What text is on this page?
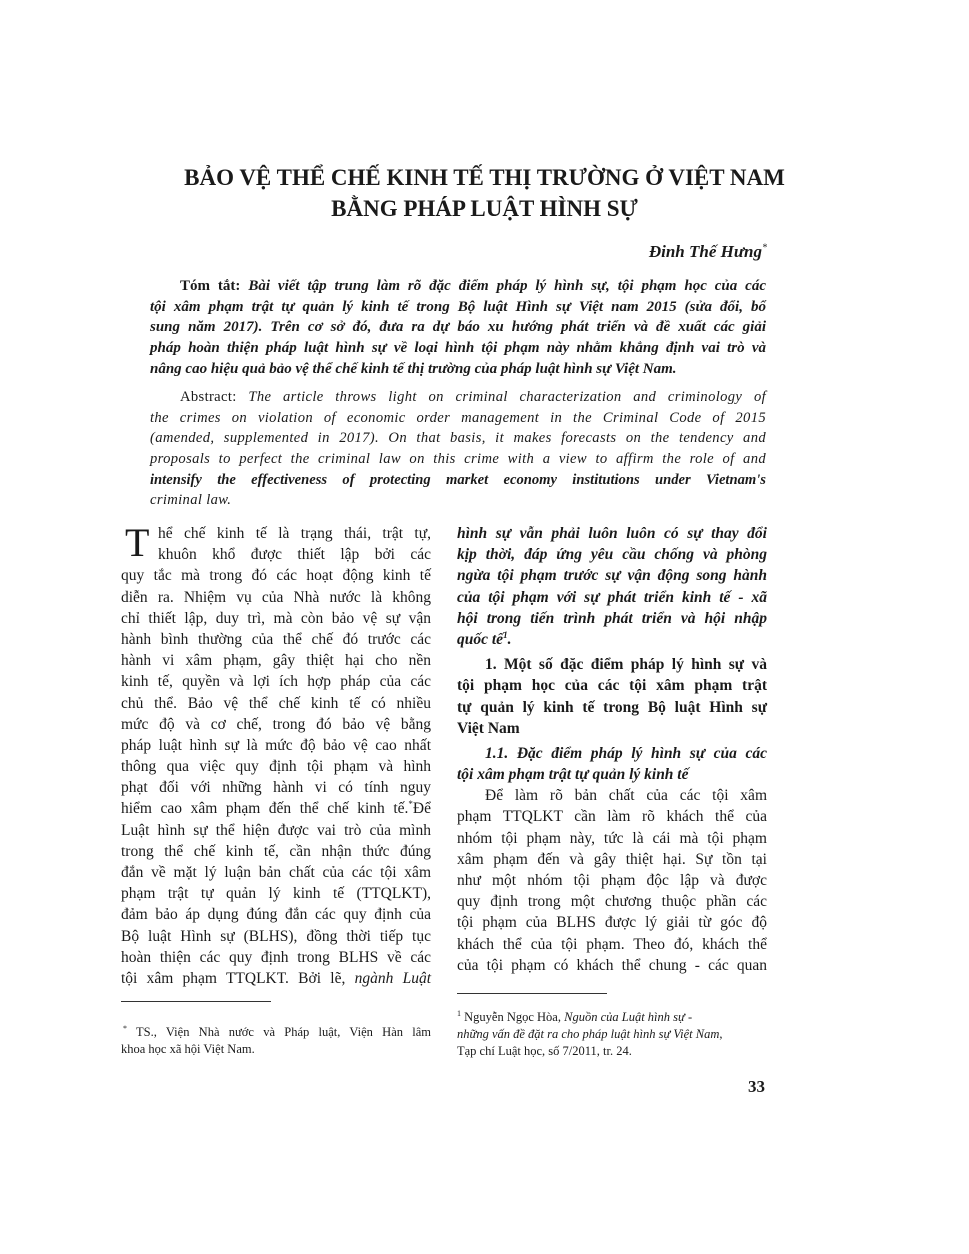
BẢO VỆ THỂ CHẾ KINH TẾ THỊ TRƯỜNG Ở VIỆT NAM
BẰNG PHÁP LUẬT HÌNH SỰ
Đinh Thế Hưng*
Tóm tắt: Bài viết tập trung làm rõ đặc điểm pháp lý hình sự, tội phạm học của các
tội xâm phạm trật tự quản lý kinh tế trong Bộ luật Hình sự Việt nam 2015 (sửa đổi, bổ
sung năm 2017). Trên cơ sở đó, đưa ra dự báo xu hướng phát triển và đề xuất các giải
pháp hoàn thiện pháp luật hình sự về loại hình tội phạm này nhằm khẳng định vai trò và
nâng cao hiệu quả bảo vệ thể chế kinh tế thị trường của pháp luật hình sự Việt Nam.
Abstract: The article throws light on criminal characterization and criminology of
the crimes on violation of economic order management in the Criminal Code of 2015
(amended, supplemented in 2017). On that basis, it makes forecasts on the tendency and
proposals to perfect the criminal law on this crime with a view to affirm the role of and
intensify the effectiveness of protecting market economy institutions under Vietnam's
criminal law.
T hể chế kinh tế là trạng thái, trật tự,
khuôn khổ được thiết lập bởi các
quy tắc mà trong đó các hoạt động kinh tế
diễn ra. Nhiệm vụ của Nhà nước là không
chỉ thiết lập, duy trì, mà còn bảo vệ sự vận
hành bình thường của thể chế đó trước các
hành vi xâm phạm, gây thiệt hại cho nền
kinh tế, quyền và lợi ích hợp pháp của các
chủ thể. Bảo vệ thể chế kinh tế có nhiều
mức độ và cơ chế, trong đó bảo vệ bằng
pháp luật hình sự là mức độ bảo vệ cao nhất
thông qua việc quy định tội phạm và hình
phạt đối với những hành vi có tính nguy
hiểm cao xâm phạm đến thể chế kinh tế.*Để
Luật hình sự thể hiện được vai trò của mình
trong thể chế kinh tế, cần nhận thức đúng
đắn về mặt lý luận bản chất của các tội xâm
phạm trật tự quản lý kinh tế (TTQLKT),
đảm bảo áp dụng đúng đắn các quy định của
Bộ luật Hình sự (BLHS), đồng thời tiếp tục
hoàn thiện các quy định trong BLHS về các
tội xâm phạm TTQLKT. Bởi lẽ, ngành Luật
hình sự vẫn phải luôn luôn có sự thay đổi
kịp thời, đáp ứng yêu cầu chống và phòng
ngừa tội phạm trước sự vận động song hành
của tội phạm với sự phát triển kinh tế - xã
hội trong tiến trình phát triển và hội nhập
quốc tế$^1$.
1. Một số đặc điểm pháp lý hình sự và
tội phạm học của các tội xâm phạm trật
tự quản lý kinh tế trong Bộ luật Hình sự
Việt Nam
1.1. Đặc điểm pháp lý hình sự của các
tội xâm phạm trật tự quản lý kinh tế
Để làm rõ bản chất của các tội xâm
phạm TTQLKT cần làm rõ khách thể của
nhóm tội phạm này, tức là cái mà tội phạm
xâm phạm đến và gây thiệt hại. Sự tồn tại
như một nhóm tội phạm độc lập và được
quy định trong một chương thuộc phần các
tội phạm của BLHS được lý giải từ góc độ
khách thể của tội phạm. Theo đó, khách thể
của tội phạm có khách thể chung - các quan
* TS., Viện Nhà nước và Pháp luật, Viện Hàn lâm
khoa học xã hội Việt Nam.
$^1$ Nguyễn Ngọc Hòa, Nguồn của Luật hình sự -
những vấn đề đặt ra cho pháp luật hình sự Việt Nam,
Tạp chí Luật học, số 7/2011, tr. 24.
33
